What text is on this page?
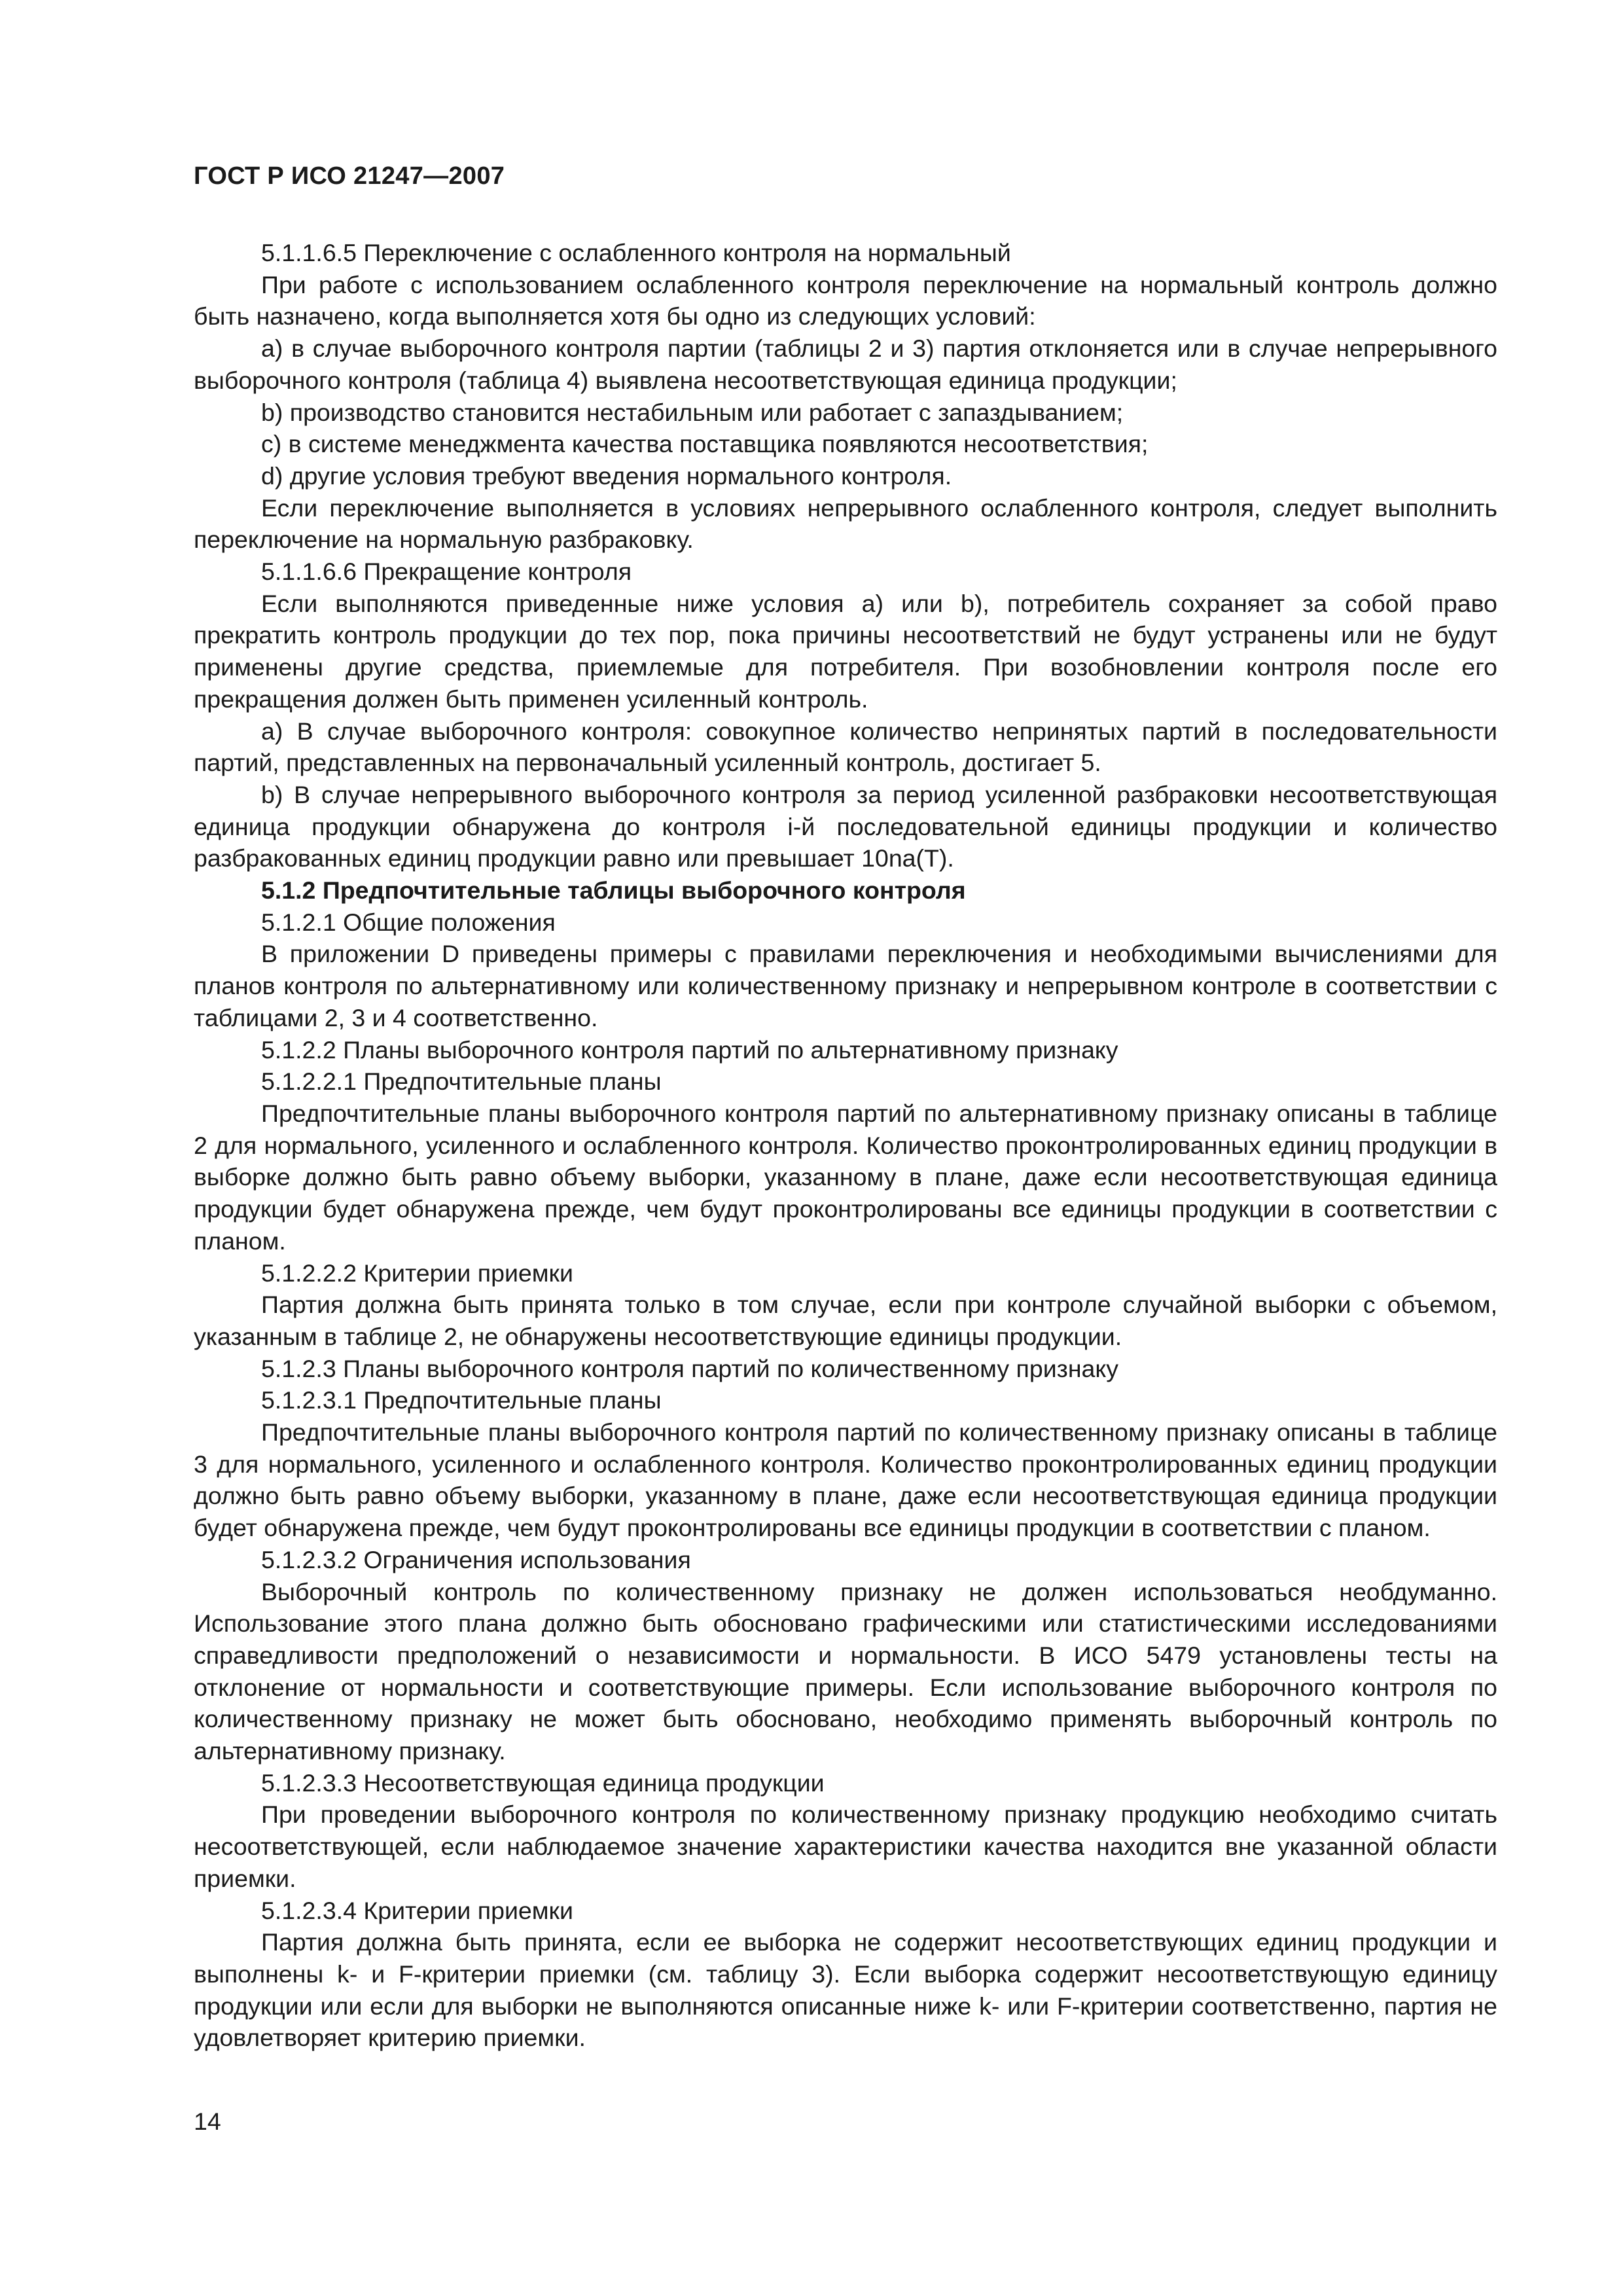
ГОСТ Р ИСО 21247—2007

5.1.1.6.5 Переключение с ослабленного контроля на нормальный

При работе с использованием ослабленного контроля переключение на нормальный контроль должно быть назначено, когда выполняется хотя бы одно из следующих условий:

a) в случае выборочного контроля партии (таблицы 2 и 3) партия отклоняется или в случае непрерывного выборочного контроля (таблица 4) выявлена несоответствующая единица продукции;

b) производство становится нестабильным или работает с запаздыванием;

c) в системе менеджмента качества поставщика появляются несоответствия;

d) другие условия требуют введения нормального контроля.

Если переключение выполняется в условиях непрерывного ослабленного контроля, следует выполнить переключение на нормальную разбраковку.

5.1.1.6.6 Прекращение контроля

Если выполняются приведенные ниже условия a) или b), потребитель сохраняет за собой право прекратить контроль продукции до тех пор, пока причины несоответствий не будут устранены или не будут применены другие средства, приемлемые для потребителя. При возобновлении контроля после его прекращения должен быть применен усиленный контроль.

a) В случае выборочного контроля: совокупное количество непринятых партий в последовательности партий, представленных на первоначальный усиленный контроль, достигает 5.

b) В случае непрерывного выборочного контроля за период усиленной разбраковки несоответствующая единица продукции обнаружена до контроля i-й последовательной единицы продукции и количество разбракованных единиц продукции равно или превышает 10nа(T).

5.1.2 Предпочтительные таблицы выборочного контроля

5.1.2.1 Общие положения

В приложении D приведены примеры с правилами переключения и необходимыми вычислениями для планов контроля по альтернативному или количественному признаку и непрерывном контроле в соответствии с таблицами 2, 3 и 4 соответственно.

5.1.2.2 Планы выборочного контроля партий по альтернативному признаку

5.1.2.2.1 Предпочтительные планы

Предпочтительные планы выборочного контроля партий по альтернативному признаку описаны в таблице 2 для нормального, усиленного и ослабленного контроля. Количество проконтролированных единиц продукции в выборке должно быть равно объему выборки, указанному в плане, даже если несоответствующая единица продукции будет обнаружена прежде, чем будут проконтролированы все единицы продукции в соответствии с планом.

5.1.2.2.2 Критерии приемки

Партия должна быть принята только в том случае, если при контроле случайной выборки с объемом, указанным в таблице 2, не обнаружены несоответствующие единицы продукции.

5.1.2.3 Планы выборочного контроля партий по количественному признаку

5.1.2.3.1 Предпочтительные планы

Предпочтительные планы выборочного контроля партий по количественному признаку описаны в таблице 3 для нормального, усиленного и ослабленного контроля. Количество проконтролированных единиц продукции должно быть равно объему выборки, указанному в плане, даже если несоответствующая единица продукции будет обнаружена прежде, чем будут проконтролированы все единицы продукции в соответствии с планом.

5.1.2.3.2 Ограничения использования

Выборочный контроль по количественному признаку не должен использоваться необдуманно. Использование этого плана должно быть обосновано графическими или статистическими исследованиями справедливости предположений о независимости и нормальности. В ИСО 5479 установлены тесты на отклонение от нормальности и соответствующие примеры. Если использование выборочного контроля по количественному признаку не может быть обосновано, необходимо применять выборочный контроль по альтернативному признаку.

5.1.2.3.3 Несоответствующая единица продукции

При проведении выборочного контроля по количественному признаку продукцию необходимо считать несоответствующей, если наблюдаемое значение характеристики качества находится вне указанной области приемки.

5.1.2.3.4 Критерии приемки

Партия должна быть принята, если ее выборка не содержит несоответствующих единиц продукции и выполнены k- и F-критерии приемки (см. таблицу 3). Если выборка содержит несоответствующую единицу продукции или если для выборки не выполняются описанные ниже k- или F-критерии соответственно, партия не удовлетворяет критерию приемки.

14
